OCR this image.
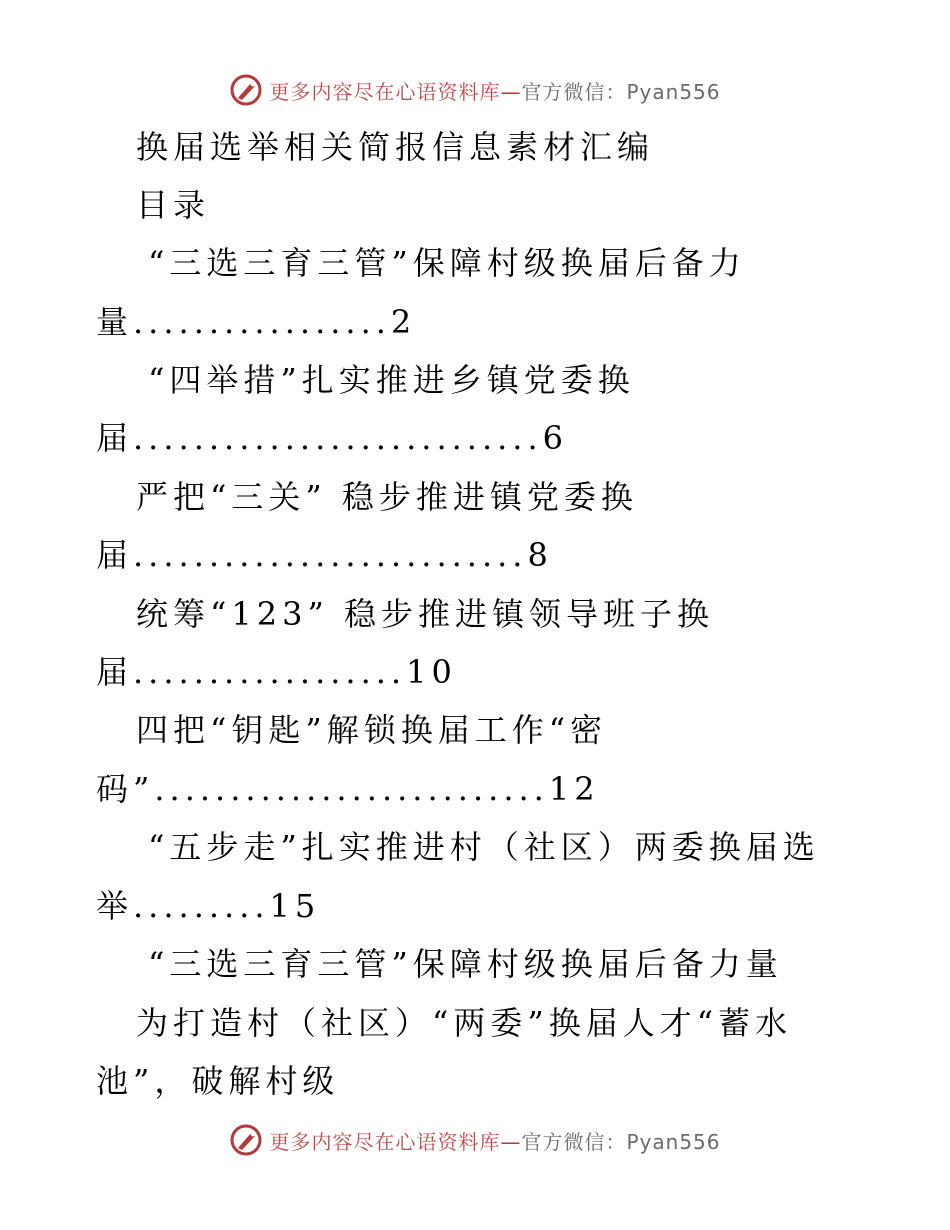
更多内容尽在心语资料库—官方微信：Pyan556
换届选举相关简报信息素材汇编
目录
“三选三育三管”保障村级换届后备力
量.................2
“四举措”扎实推进乡镇党委换
届...........................6
严把“三关” 稳步推进镇党委换
届..........................8
统筹“123” 稳步推进镇领导班子换
届..................10
四把“钥匙”解锁换届工作“密
码”..........................12
“五步走”扎实推进村（社区）两委换届选
举.........15
“三选三育三管”保障村级换届后备力量
为打造村（社区）“两委”换届人才“蓄水
池”，破解村级
更多内容尽在心语资料库—官方微信：Pyan556
